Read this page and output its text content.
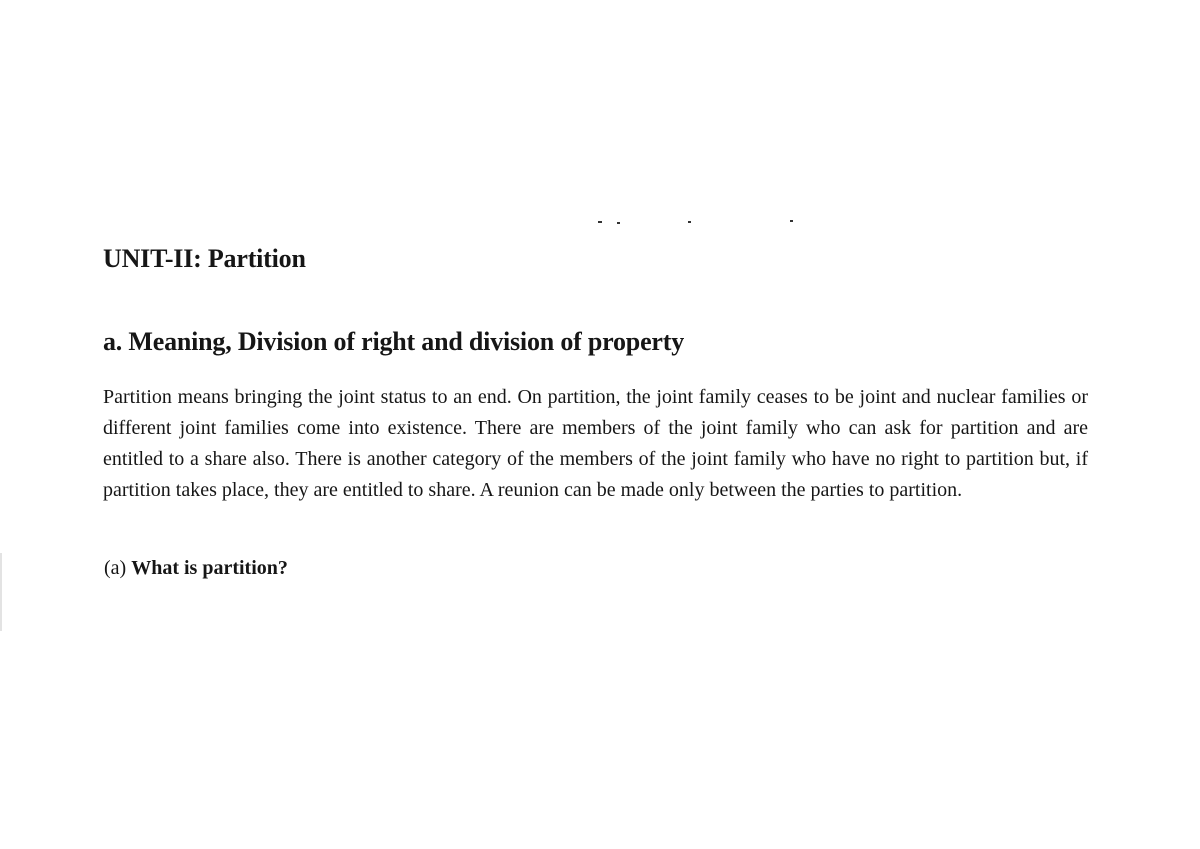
UNIT-II: Partition
a. Meaning, Division of right and division of property

Partition means bringing the joint status to an end. On partition, the joint family ceases to be joint and nuclear families or different joint families come into existence. There are members of the joint family who can ask for partition and are entitled to a share also. There is another category of the members of the joint family who have no right to partition but, if partition takes place, they are entitled to share. A reunion can be made only between the parties to partition.

(a) What is partition?
